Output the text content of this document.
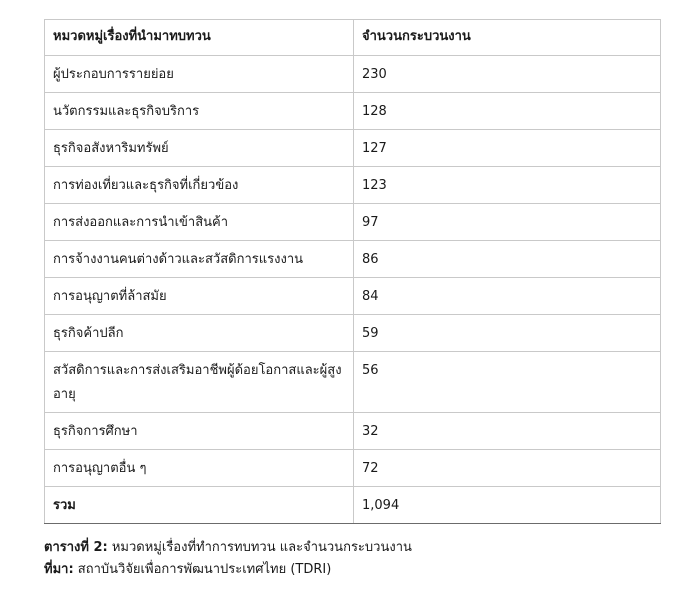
หมวดหมู่เรื่องที่นำมาทบทวน	จำนวนกระบวนงาน
ผู้ประกอบการรายย่อย	230
นวัตกรรมและธุรกิจบริการ	128
ธุรกิจอสังหาริมทรัพย์	127
การท่องเที่ยวและธุรกิจที่เกี่ยวข้อง	123
การส่งออกและการนำเข้าสินค้า	97
การจ้างงานคนต่างด้าวและสวัสดิการแรงงาน	86
การอนุญาตที่ล้าสมัย	84
ธุรกิจค้าปลีก	59
สวัสดิการและการส่งเสริมอาชีพผู้ด้อยโอกาสและผู้สูงอายุ	56
ธุรกิจการศึกษา	32
การอนุญาตอื่น ๆ	72
รวม	1,094
ตารางที่ 2: หมวดหมู่เรื่องที่ทำการทบทวน และจำนวนกระบวนงาน
ที่มา: สถาบันวิจัยเพื่อการพัฒนาประเทศไทย (TDRI)
